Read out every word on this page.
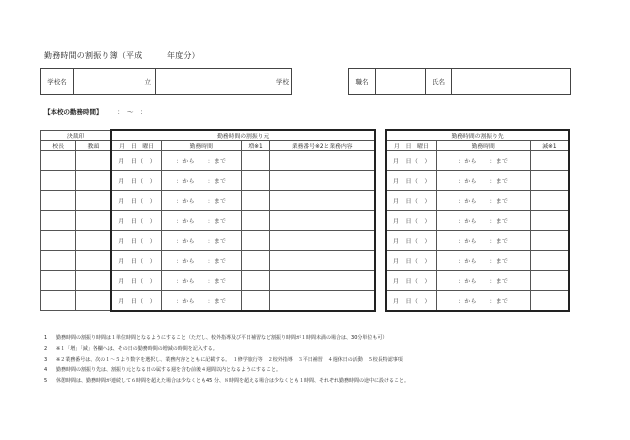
勤務時間の割振り簿（平成　　　年度分）
学校名	立	学校	職名	氏名
【本校の勤務時間】	：　〜　：
決裁印		勤務時間の割振り元					勤務時間の割振り先		
校長	教頭	月　日　曜日	勤務時間	増※1	業務番号※2と業務内容		月　日　曜日	勤務時間	減※1
		月　日（　）	：から　　：まで				月　日（　）	：から　　：まで	
		月　日（　）	：から　　：まで				月　日（　）	：から　　：まで	
		月　日（　）	：から　　：まで				月　日（　）	：から　　：まで	
		月　日（　）	：から　　：まで				月　日（　）	：から　　：まで	
		月　日（　）	：から　　：まで				月　日（　）	：から　　：まで	
		月　日（　）	：から　　：まで				月　日（　）	：から　　：まで	
		月　日（　）	：から　　：まで				月　日（　）	：から　　：まで	
		月　日（　）	：から　　：まで				月　日（　）	：から　　：まで	
1 勤務時間の割振り時間は１単位時間となるようにすること（ただし、校外指導及び平日補習など割振り時間が１時間未満の場合は、30分単位も可）
2 ※１「増」「減」各欄へは、その日の勤務時間の増減の時間を記入する。
3 ※２業務番号は、次の１～５より数字を選択し、業務内容とともに記載する。　１修学旅行等　２校外指導　３平日補習　４週休日の活動　５校長特認事項
4 勤務時間の割振り先は、割振り元となる日の属する週を含む前後４週間以内となるようにすること。
5 休憩時間は、勤務時間が連続して６時間を超えた場合は少なくとも45 分、８時間を超える場合は少なくとも１時間、それぞれ勤務時間の途中に設けること。
